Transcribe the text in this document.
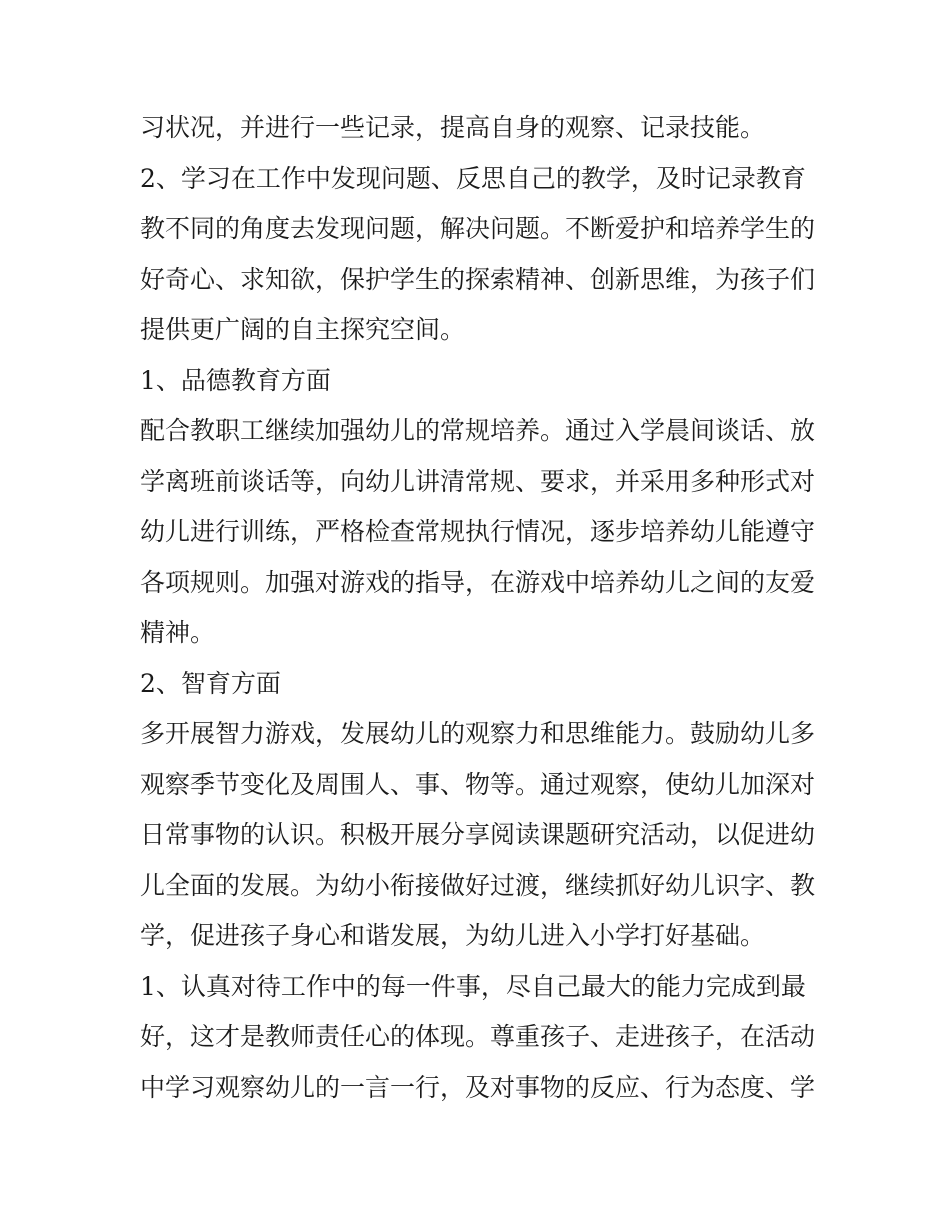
习状况，并进行一些记录，提高自身的观察、记录技能。
2、学习在工作中发现问题、反思自己的教学，及时记录教育
教不同的角度去发现问题，解决问题。不断爱护和培养学生的
好奇心、求知欲，保护学生的探索精神、创新思维，为孩子们
提供更广阔的自主探究空间。
1、品德教育方面
配合教职工继续加强幼儿的常规培养。通过入学晨间谈话、放
学离班前谈话等，向幼儿讲清常规、要求，并采用多种形式对
幼儿进行训练，严格检查常规执行情况，逐步培养幼儿能遵守
各项规则。加强对游戏的指导，在游戏中培养幼儿之间的友爱
精神。
2、智育方面
多开展智力游戏，发展幼儿的观察力和思维能力。鼓励幼儿多
观察季节变化及周围人、事、物等。通过观察，使幼儿加深对
日常事物的认识。积极开展分享阅读课题研究活动，以促进幼
儿全面的发展。为幼小衔接做好过渡，继续抓好幼儿识字、教
学，促进孩子身心和谐发展，为幼儿进入小学打好基础。
1、认真对待工作中的每一件事，尽自己最大的能力完成到最
好，这才是教师责任心的体现。尊重孩子、走进孩子，在活动
中学习观察幼儿的一言一行，及对事物的反应、行为态度、学
